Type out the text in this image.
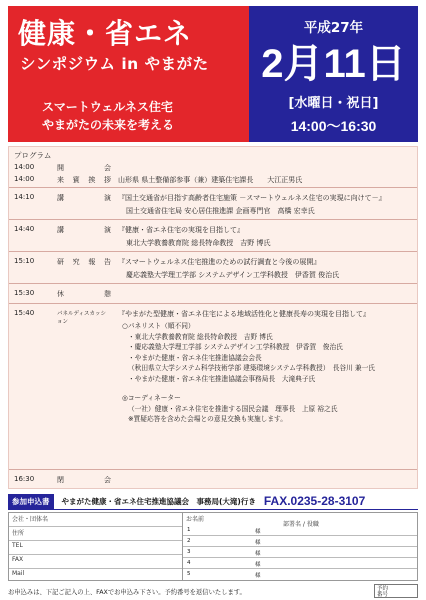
健康・省エネ
シンポジウム in やまがた
スマートウェルネス住宅
やまがたの未来を考える
平成27年
2月11日
[水曜日・祝日]
14:00〜16:30
プログラム
14:00	開会
14:00	来賓挨拶 山形県 県土整備部参事（兼）建築住宅課長　　大江正男氏
14:10	講演 『国土交通省が目指す高齢者住宅施策 －スマートウェルネス住宅の実現に向けて－』
国土交通省住宅局 安心居住推進課 企画専門官　高橋 宏幸氏
14:40	講演 『健康・省エネ住宅の実現を目指して』
東北大学教養教育院 総長特命教授　吉野 博氏
15:10	研究報告 『スマートウェルネス住宅推進のための試行調査と今後の展開』
慶応義塾大学理工学部 システムデザイン工学科教授　伊香賀 俊治氏
15:30	休憩
15:40	パネルディスカッション
『やまがた型健康・省エネ住宅による地域活性化と健康長寿の実現を目指して』
○パネリスト（順不同）
・東北大学教養教育院 総長特命教授　吉野 博氏
・慶応義塾大学理工学部 システムデザイン工学科教授　伊香賀　俊治氏
・やまがた健康・省エネ住宅推進協議会会長
（秋田県立大学システム科学技術学部 建築環境システム学科教授）　長谷川 兼一氏
・やまがた健康・省エネ住宅推進協議会事務局長　大滝典子氏
◎コーディネーター
（一社）健康・省エネ住宅を推進する国民会議　理事長　上原 裕之氏
※質疑応答を含めた会場との意見交換も実施します。
16:30	閉会
参加申込書	やまがた健康・省エネ住宅推進協議会　事務局(大滝)行き FAX.0235-28-3107
会社・団体名
住所
TEL
FAX
Mail
お名前
部署名 / 役職
1	様
2	様
3	様
4	様
5	様
お申込みは、下記ご記入の上、FAXでお申込み下さい。予約番号を返信いたします。	予約
番号
